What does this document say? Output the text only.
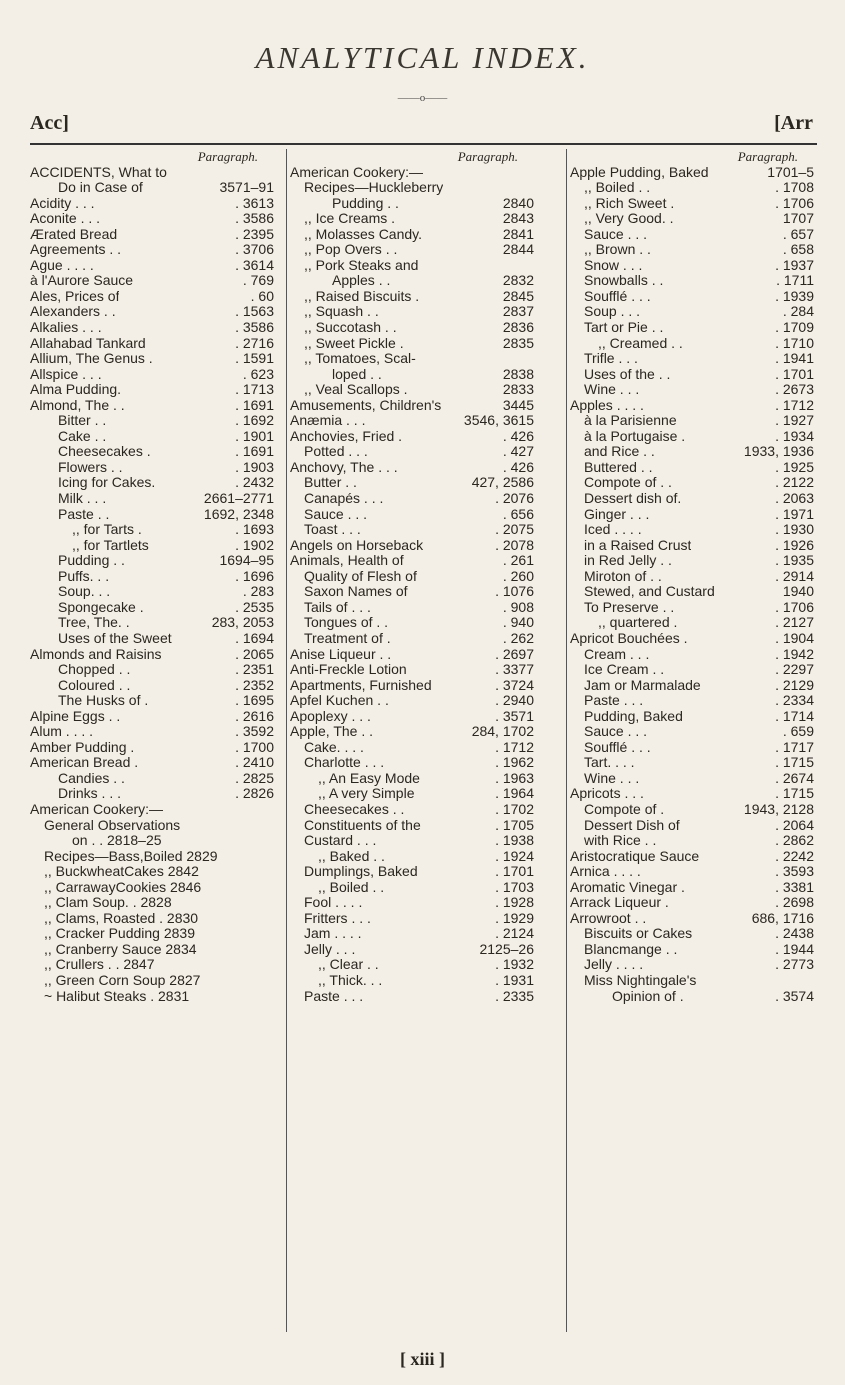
ANALYTICAL INDEX.
——o——
Acc]	[Arr
Paragraph.
ACCIDENTS, What to
Do in Case of	3571–91
Acidity . . .	. 3613
Aconite . . .	. 3586
Ærated Bread	. 2395
Agreements . .	. 3706
Ague . . . .	. 3614
à l'Aurore Sauce	. 769
Ales, Prices of	. 60
Alexanders . .	. 1563
Alkalies . . .	. 3586
Allahabad Tankard	. 2716
Allium, The Genus .	. 1591
Allspice . . .	. 623
Alma Pudding.	. 1713
Almond, The . .	. 1691
Bitter . .	. 1692
Cake . .	. 1901
Cheesecakes .	. 1691
Flowers . .	. 1903
Icing for Cakes.	. 2432
Milk . . .	2661–2771
Paste . .	1692, 2348
,, for Tarts .	. 1693
,, for Tartlets	. 1902
Pudding . .	1694–95
Puffs. . .	. 1696
Soup. . .	. 283
Spongecake .	. 2535
Tree, The. .	283, 2053
Uses of the Sweet	. 1694
Almonds and Raisins	. 2065
Chopped . .	. 2351
Coloured . .	. 2352
The Husks of .	. 1695
Alpine Eggs . .	. 2616
Alum . . . .	. 3592
Amber Pudding .	. 1700
American Bread .	. 2410
Candies . .	. 2825
Drinks . . .	. 2826
American Cookery:—
General Observations
on . . 2818–25
Recipes—Bass,Boiled 2829
,, BuckwheatCakes 2842
,, CarrawayCookies 2846
,, Clam Soup. . 2828
,, Clams, Roasted . 2830
,, Cracker Pudding 2839
,, Cranberry Sauce 2834
,, Crullers . . 2847
,, Green Corn Soup 2827
~ Halibut Steaks . 2831
Paragraph.
American Cookery:—
Recipes—Huckleberry
Pudding . .	2840
,, Ice Creams .	2843
,, Molasses Candy.	2841
,, Pop Overs . .	2844
,, Pork Steaks and
Apples . .	2832
,, Raised Biscuits .	2845
,, Squash . .	2837
,, Succotash . .	2836
,, Sweet Pickle .	2835
,, Tomatoes, Scal-
loped . .	2838
,, Veal Scallops .	2833
Amusements, Children's	3445
Anæmia . . .	3546, 3615
Anchovies, Fried .	. 426
Potted . . .	. 427
Anchovy, The . . .	. 426
Butter . .	427, 2586
Canapés . . .	. 2076
Sauce . . .	. 656
Toast . . .	. 2075
Angels on Horseback	. 2078
Animals, Health of	. 261
Quality of Flesh of	. 260
Saxon Names of	. 1076
Tails of . . .	. 908
Tongues of . .	. 940
Treatment of .	. 262
Anise Liqueur . .	. 2697
Anti-Freckle Lotion	. 3377
Apartments, Furnished	. 3724
Apfel Kuchen . .	. 2940
Apoplexy . . .	. 3571
Apple, The . .	284, 1702
Cake. . . .	. 1712
Charlotte . . .	. 1962
,, An Easy Mode	. 1963
,, A very Simple	. 1964
Cheesecakes . .	. 1702
Constituents of the	. 1705
Custard . . .	. 1938
,, Baked . .	. 1924
Dumplings, Baked	. 1701
,, Boiled . .	. 1703
Fool . . . .	. 1928
Fritters . . .	. 1929
Jam . . . .	. 2124
Jelly . . .	2125–26
,, Clear . .	. 1932
,, Thick. . .	. 1931
Paste . . .	. 2335
Paragraph.
Apple Pudding, Baked	1701–5
,, Boiled . .	. 1708
,, Rich Sweet .	. 1706
,, Very Good. .	1707
Sauce . . .	. 657
,, Brown . .	. 658
Snow . . .	. 1937
Snowballs . .	. 1711
Soufflé . . .	. 1939
Soup . . .	. 284
Tart or Pie . .	. 1709
,, Creamed . .	. 1710
Trifle . . .	. 1941
Uses of the . .	. 1701
Wine . . .	. 2673
Apples . . . .	. 1712
à la Parisienne	. 1927
à la Portugaise .	. 1934
and Rice . .	1933, 1936
Buttered . .	. 1925
Compote of . .	. 2122
Dessert dish of.	. 2063
Ginger . . .	. 1971
Iced . . . .	. 1930
in a Raised Crust	. 1926
in Red Jelly . .	. 1935
Miroton of . .	. 2914
Stewed, and Custard	1940
To Preserve . .	. 1706
,, quartered .	. 2127
Apricot Bouchées .	. 1904
Cream . . .	. 1942
Ice Cream . .	. 2297
Jam or Marmalade	. 2129
Paste . . .	. 2334
Pudding, Baked	. 1714
Sauce . . .	. 659
Soufflé . . .	. 1717
Tart. . . .	. 1715
Wine . . .	. 2674
Apricots . . .	. 1715
Compote of .	1943, 2128
Dessert Dish of	. 2064
with Rice . .	. 2862
Aristocratique Sauce	. 2242
Arnica . . . .	. 3593
Aromatic Vinegar .	. 3381
Arrack Liqueur .	. 2698
Arrowroot . .	686, 1716
Biscuits or Cakes	. 2438
Blancmange . .	. 1944
Jelly . . . .	. 2773
Miss Nightingale's
Opinion of .	. 3574
[ xiii ]
